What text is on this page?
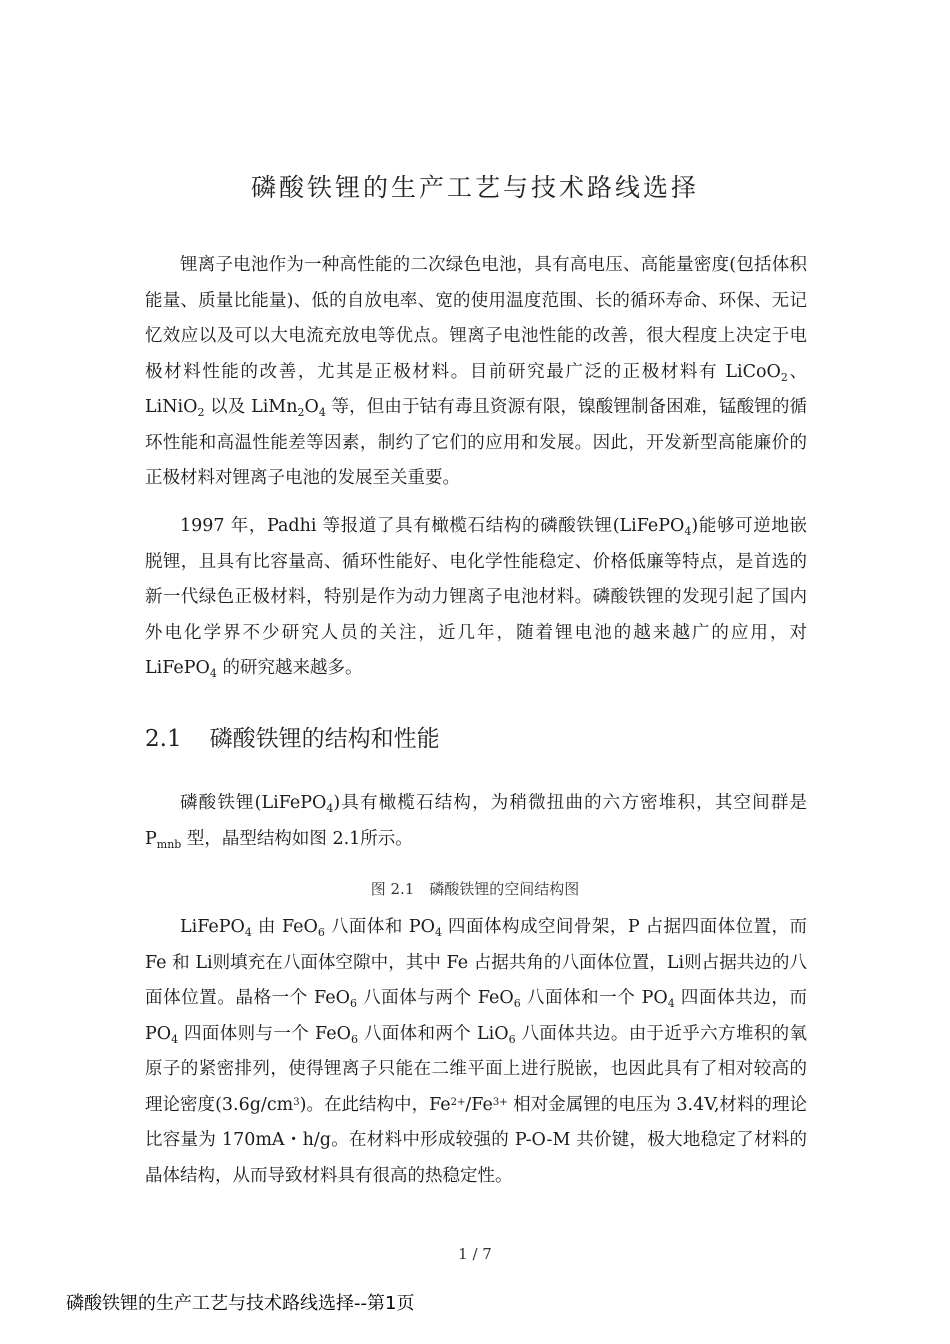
磷酸铁锂的生产工艺与技术路线选择

锂离子电池作为一种高性能的二次绿色电池，具有高电压、高能量密度(包括体积能量、质量比能量)、低的自放电率、宽的使用温度范围、长的循环寿命、环保、无记忆效应以及可以大电流充放电等优点。锂离子电池性能的改善，很大程度上决定于电极材料性能的改善，尤其是正极材料。目前研究最广泛的正极材料有 LiCoO$_2$、LiNiO$_2$ 以及 $LiMn_2O_4$ 等，但由于钴有毒且资源有限，镍酸锂制备困难，锰酸锂的循环性能和高温性能差等因素，制约了它们的应用和发展。因此，开发新型高能廉价的正极材料对锂离子电池的发展至关重要。

1997 年，Padhi 等报道了具有橄榄石结构的磷酸铁锂(LiFePO$_4$)能够可逆地嵌脱锂，且具有比容量高、循环性能好、电化学性能稳定、价格低廉等特点，是首选的新一代绿色正极材料，特别是作为动力锂离子电池材料。磷酸铁锂的发现引起了国内外电化学界不少研究人员的关注，近几年，随着锂电池的越来越广的应用，对 LiFePO$_4$ 的研究越来越多。

2.1 磷酸铁锂的结构和性能

磷酸铁锂(LiFePO$_4$)具有橄榄石结构，为稍微扭曲的六方密堆积，其空间群是 $P_{mnb}$ 型，晶型结构如图 2.1所示。

图 2.1　磷酸铁锂的空间结构图

LiFePO$_4$ 由 FeO$_6$ 八面体和 $PO_4$ 四面体构成空间骨架，P 占据四面体位置，而 Fe 和 Li则填充在八面体空隙中，其中 Fe 占据共角的八面体位置，Li则占据共边的八面体位置。晶格一个 FeO$_6$ 八面体与两个 FeO$_6$ 八面体和一个 $PO_4$ 四面体共边，而 $PO_4$ 四面体则与一个 FeO$_6$ 八面体和两个 LiO$_6$ 八面体共边。由于近乎六方堆积的氧原子的紧密排列，使得锂离子只能在二维平面上进行脱嵌，也因此具有了相对较高的理论密度$(3.6g/cm^3)$。在此结构中，$Fe^{2+}/Fe^{3+}$ 相对金属锂的电压为 3.4V,材料的理论比容量为 170mA・h/g。在材料中形成较强的 P-O-M 共价键，极大地稳定了材料的晶体结构，从而导致材料具有很高的热稳定性。

1 / 7
磷酸铁锂的生产工艺与技术路线选择--第1页
